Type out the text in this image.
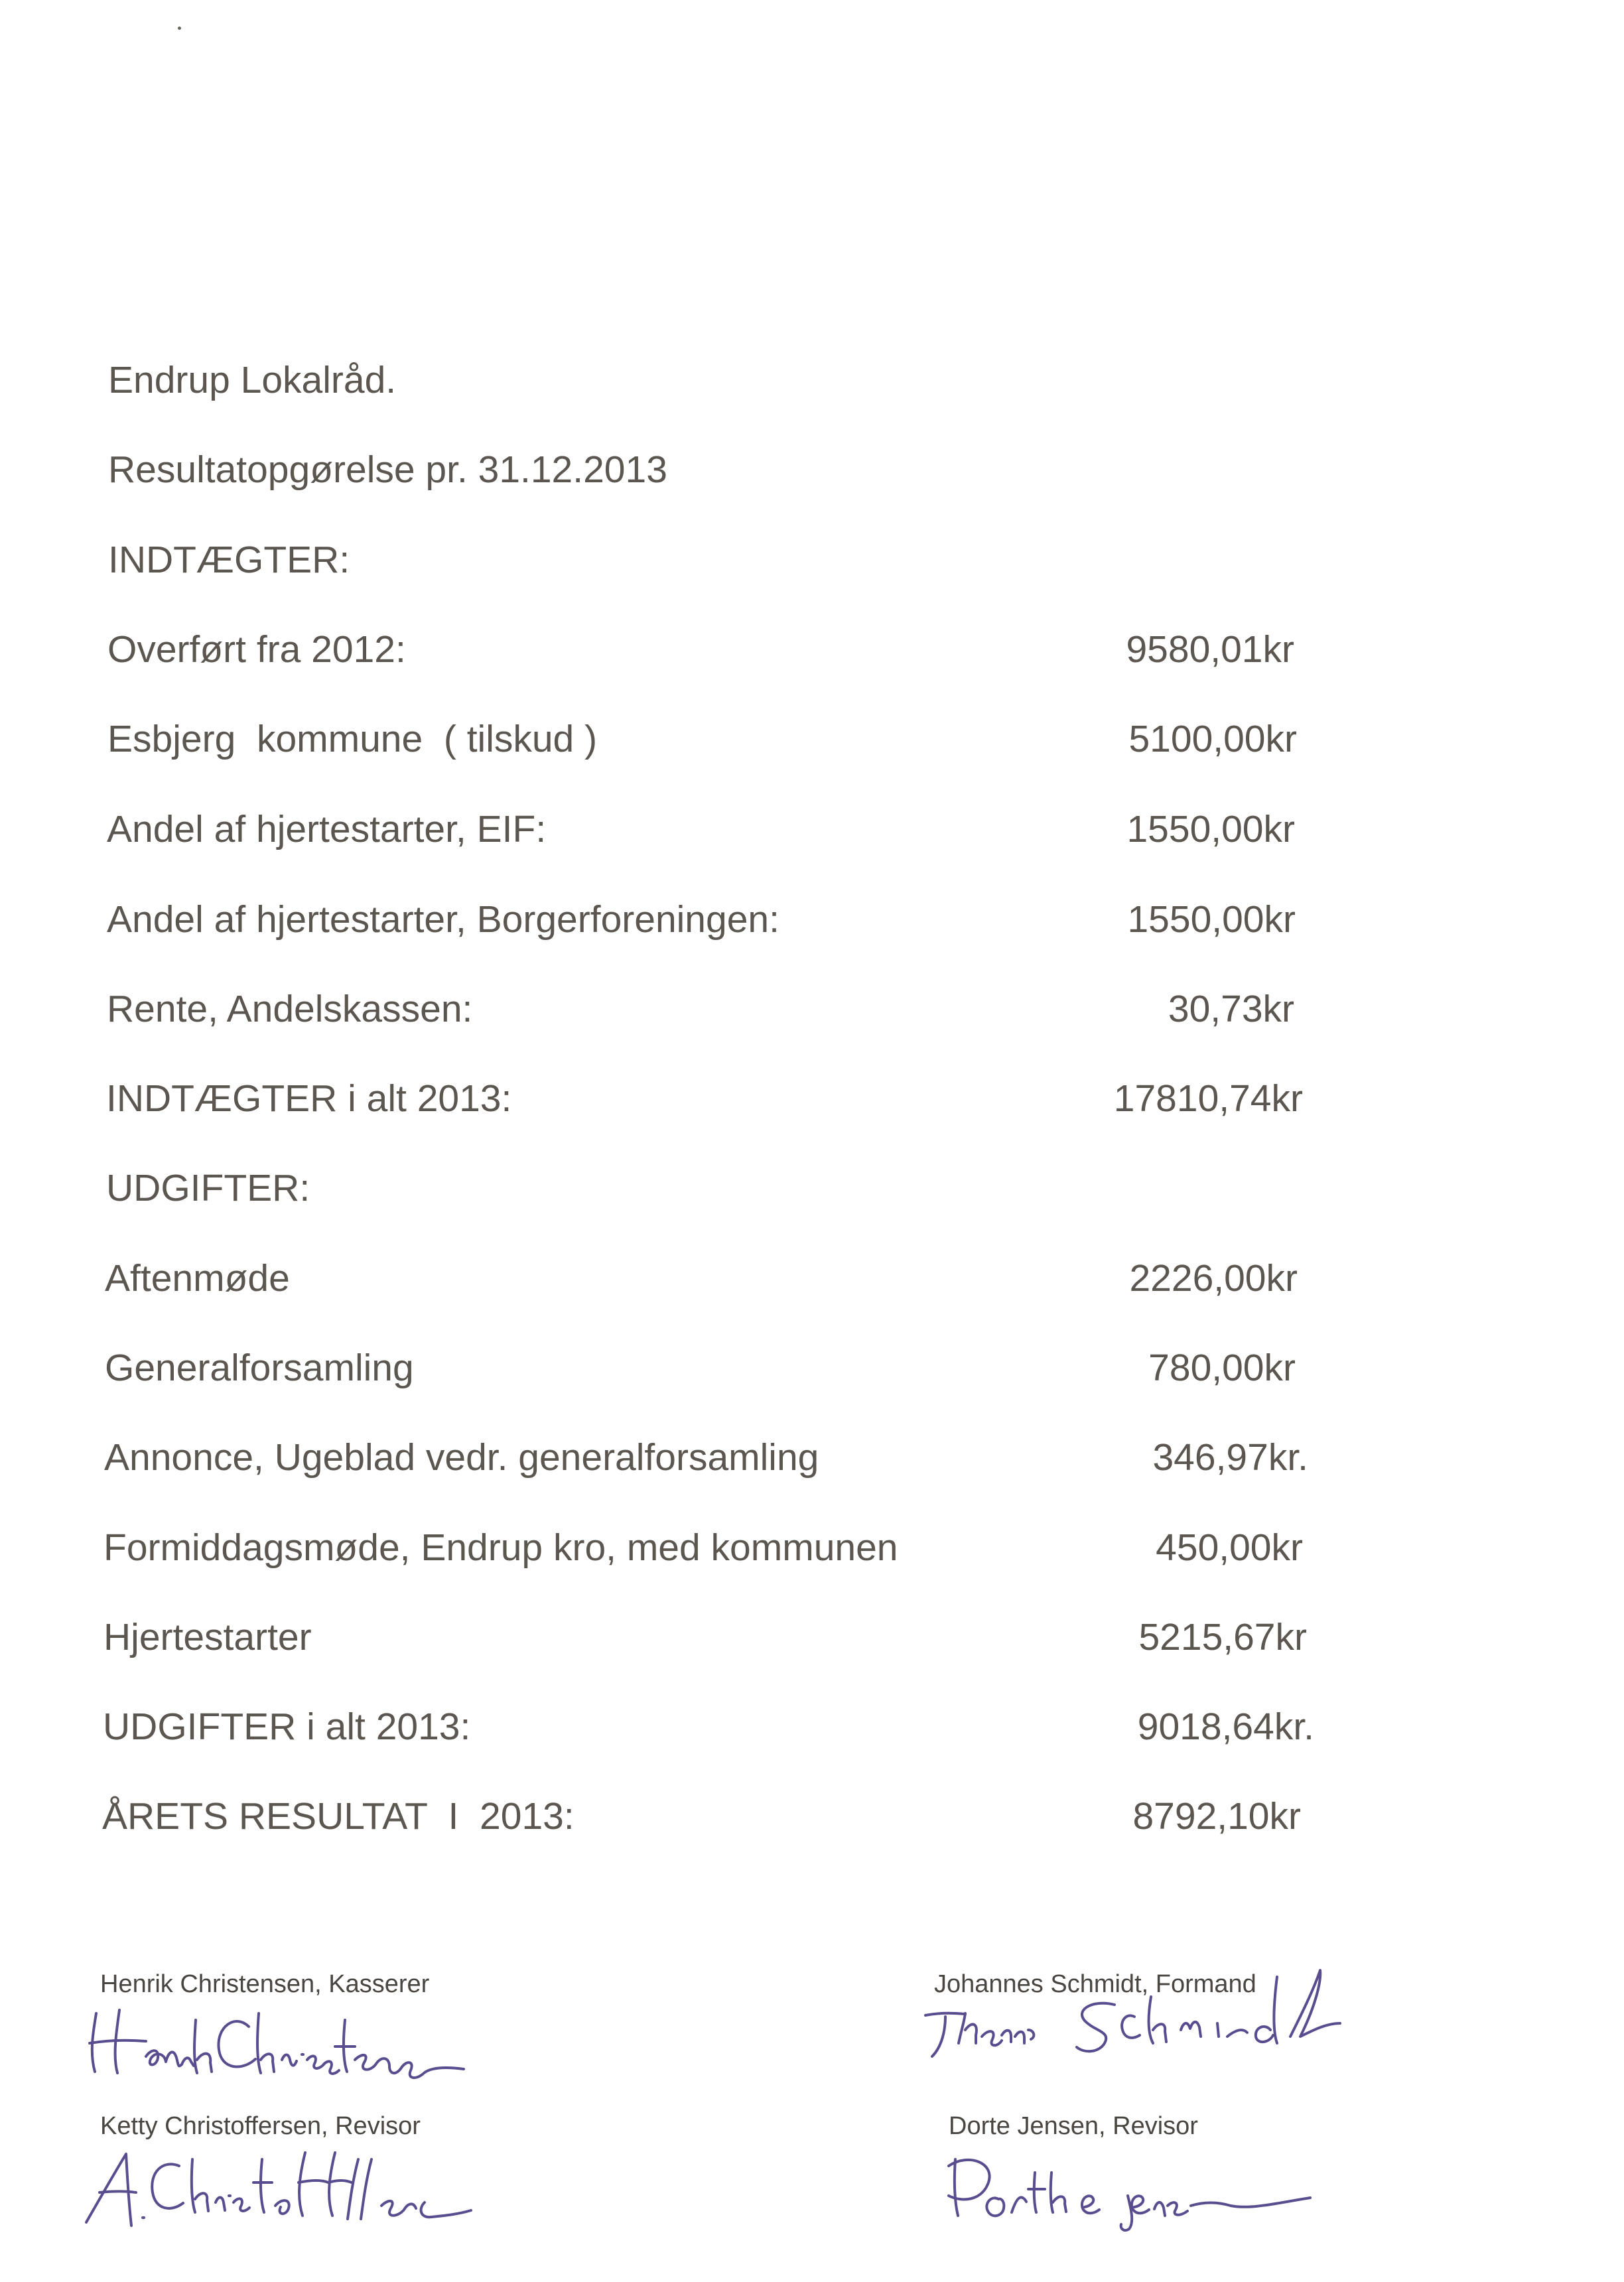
Endrup Lokalråd.
Resultatopgørelse pr. 31.12.2013
INDTÆGTER:
Overført fra 2012:	9580,01kr
Esbjerg  kommune  ( tilskud )	5100,00kr
Andel af hjertestarter, EIF:	1550,00kr
Andel af hjertestarter, Borgerforeningen:	1550,00kr
Rente, Andelskassen:	30,73kr
INDTÆGTER i alt 2013:	17810,74kr
UDGIFTER:
Aftenmøde	2226,00kr
Generalforsamling	780,00kr
Annonce, Ugeblad vedr. generalforsamling	346,97kr.
Formiddagsmøde, Endrup kro, med kommunen	450,00kr
Hjertestarter	5215,67kr
UDGIFTER i alt 2013:	9018,64kr.
ÅRETS RESULTAT  I  2013:	8792,10kr
Henrik Christensen, Kasserer	Johannes Schmidt, Formand
Ketty Christoffersen, Revisor	Dorte Jensen, Revisor
